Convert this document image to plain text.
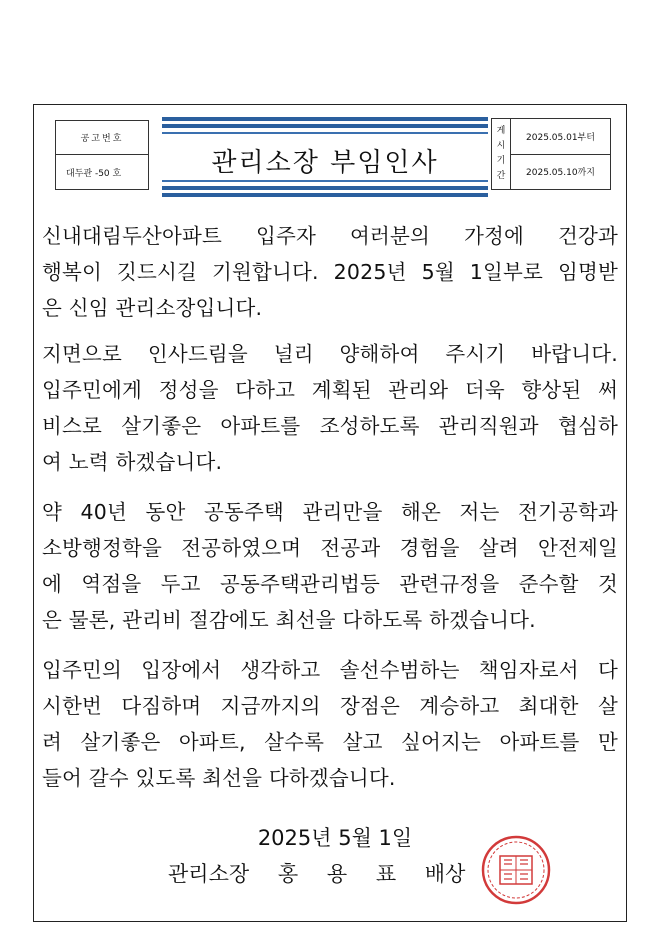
공고번호
대두관 -50 호	관리소장 부임인사
게
시
기
간
2025.05.01부터
2025.05.10까지
신내대림두산아파트 입주자 여러분의 가정에 건강과
행복이 깃드시길 기원합니다. 2025년 5월 1일부로 임명받
은 신임 관리소장입니다.
지면으로 인사드림을 널리 양해하여 주시기 바랍니다.
입주민에게 정성을 다하고 계획된 관리와 더욱 향상된 써
비스로 살기좋은 아파트를 조성하도록 관리직원과 협심하
여 노력 하겠습니다.
약 40년 동안 공동주택 관리만을 해온 저는 전기공학과
소방행정학을 전공하였으며 전공과 경험을 살려 안전제일
에 역점을 두고 공동주택관리법등 관련규정을 준수할 것
은 물론, 관리비 절감에도 최선을 다하도록 하겠습니다.
입주민의 입장에서 생각하고 솔선수범하는 책임자로서 다
시한번 다짐하며 지금까지의 장점은 계승하고 최대한 살
려 살기좋은 아파트, 살수록 살고 싶어지는 아파트를 만
들어 갈수 있도록 최선을 다하겠습니다.
2025년 5월 1일
관리소장 홍 용 표 배상
